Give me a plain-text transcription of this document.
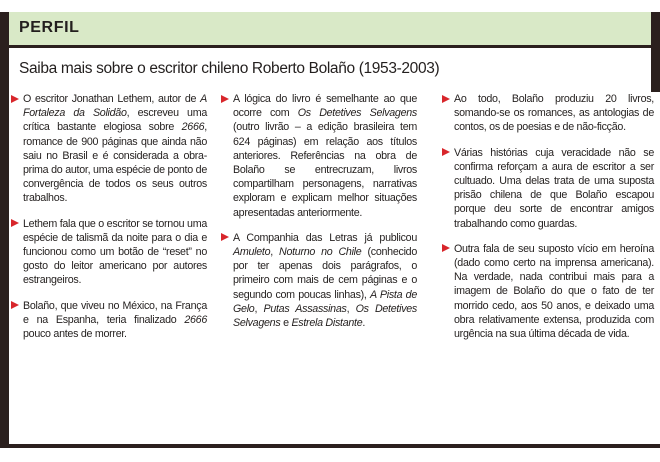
PERFIL
Saiba mais sobre o escritor chileno Roberto Bolaño (1953-2003)
O escritor Jonathan Lethem, autor de A Fortaleza da Solidão, escreveu uma crítica bastante elogiosa sobre 2666, romance de 900 páginas que ainda não saiu no Brasil e é considerada a obra-prima do autor, uma espécie de ponto de convergência de todos os seus outros trabalhos.
Lethem fala que o escritor se tornou uma espécie de talismã da noite para o dia e funcionou como um botão de “reset” no gosto do leitor americano por autores estrangeiros.
Bolaño, que viveu no México, na França e na Espanha, teria finalizado 2666 pouco antes de morrer.
A lógica do livro é semelhante ao que ocorre com Os Detetives Selvagens (outro livrão – a edição brasileira tem 624 páginas) em relação aos títulos anteriores. Referências na obra de Bolaño se entrecruzam, livros compartilham personagens, narrativas exploram e explicam melhor situações apresentadas anteriormente.
A Companhia das Letras já publicou Amuleto, Noturno no Chile (conhecido por ter apenas dois parágrafos, o primeiro com mais de cem páginas e o segundo com poucas linhas), A Pista de Gelo, Putas Assassinas, Os Detetives Selvagens e Estrela Distante.
Ao todo, Bolaño produziu 20 livros, somando-se os romances, as antologias de contos, os de poesias e de não-ficção.
Várias histórias cuja veracidade não se confirma reforçam a aura de escritor a ser cultuado. Uma delas trata de uma suposta prisão chilena de que Bolaño escapou porque deu sorte de encontrar amigos trabalhando como guardas.
Outra fala de seu suposto vício em heroína (dado como certo na imprensa americana). Na verdade, nada contribui mais para a imagem de Bolaño do que o fato de ter morrido cedo, aos 50 anos, e deixado uma obra relativamente extensa, produzida com urgência na sua última década de vida.
